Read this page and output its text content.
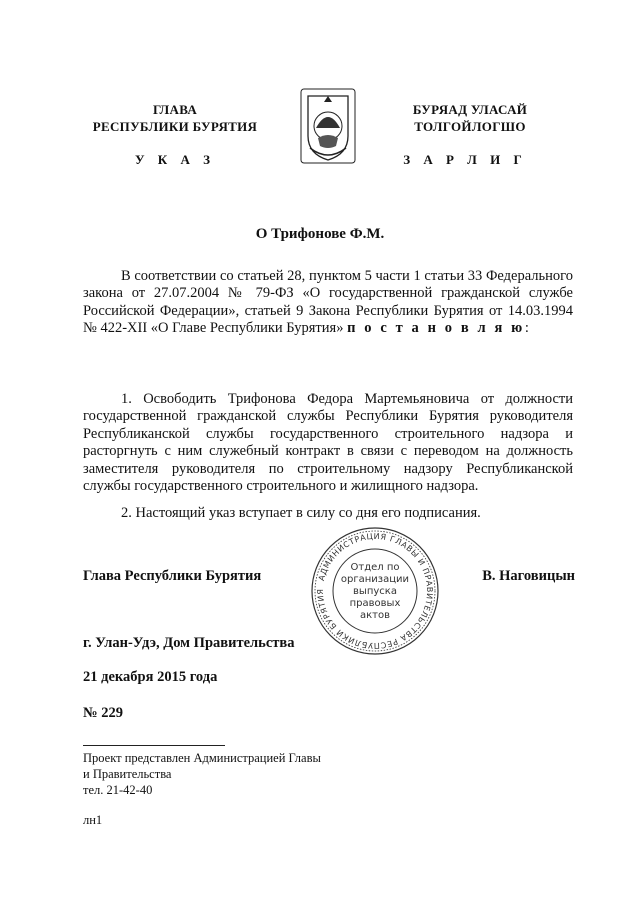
ГЛАВА
РЕСПУБЛИКИ БУРЯТИЯ
У К А З
БУРЯАД УЛАСАЙ
ТОЛГОЙЛОГШО
З А Р Л И Г
О Трифонове Ф.М.
В соответствии со статьей 28, пунктом 5 части 1 статьи 33 Федерального закона от 27.07.2004 № 79-ФЗ «О государственной гражданской службе Российской Федерации», статьей 9 Закона Республики Бурятия от 14.03.1994 № 422-XII «О Главе Республики Бурятия» п о с т а н о в л я ю:
1. Освободить Трифонова Федора Мартемьяновича от должности государственной гражданской службы Республики Бурятия руководителя Республиканской службы государственного строительного надзора и расторгнуть с ним служебный контракт в связи с переводом на должность заместителя руководителя по строительному надзору Республиканской службы государственного строительного и жилищного надзора.
2. Настоящий указ вступает в силу со дня его подписания.
Глава Республики Бурятия	В. Наговицын
АДМИНИСТРАЦИЯ ГЛАВЫ И ПРАВИТЕЛЬСТВА РЕСПУБЛИКИ БУРЯТИЯ
Отдел по
организации
выпуска
правовых
актов
г. Улан-Удэ, Дом Правительства
21 декабря 2015 года
№ 229
Проект представлен Администрацией Главы
и Правительства
тел. 21-42-40
лн1
